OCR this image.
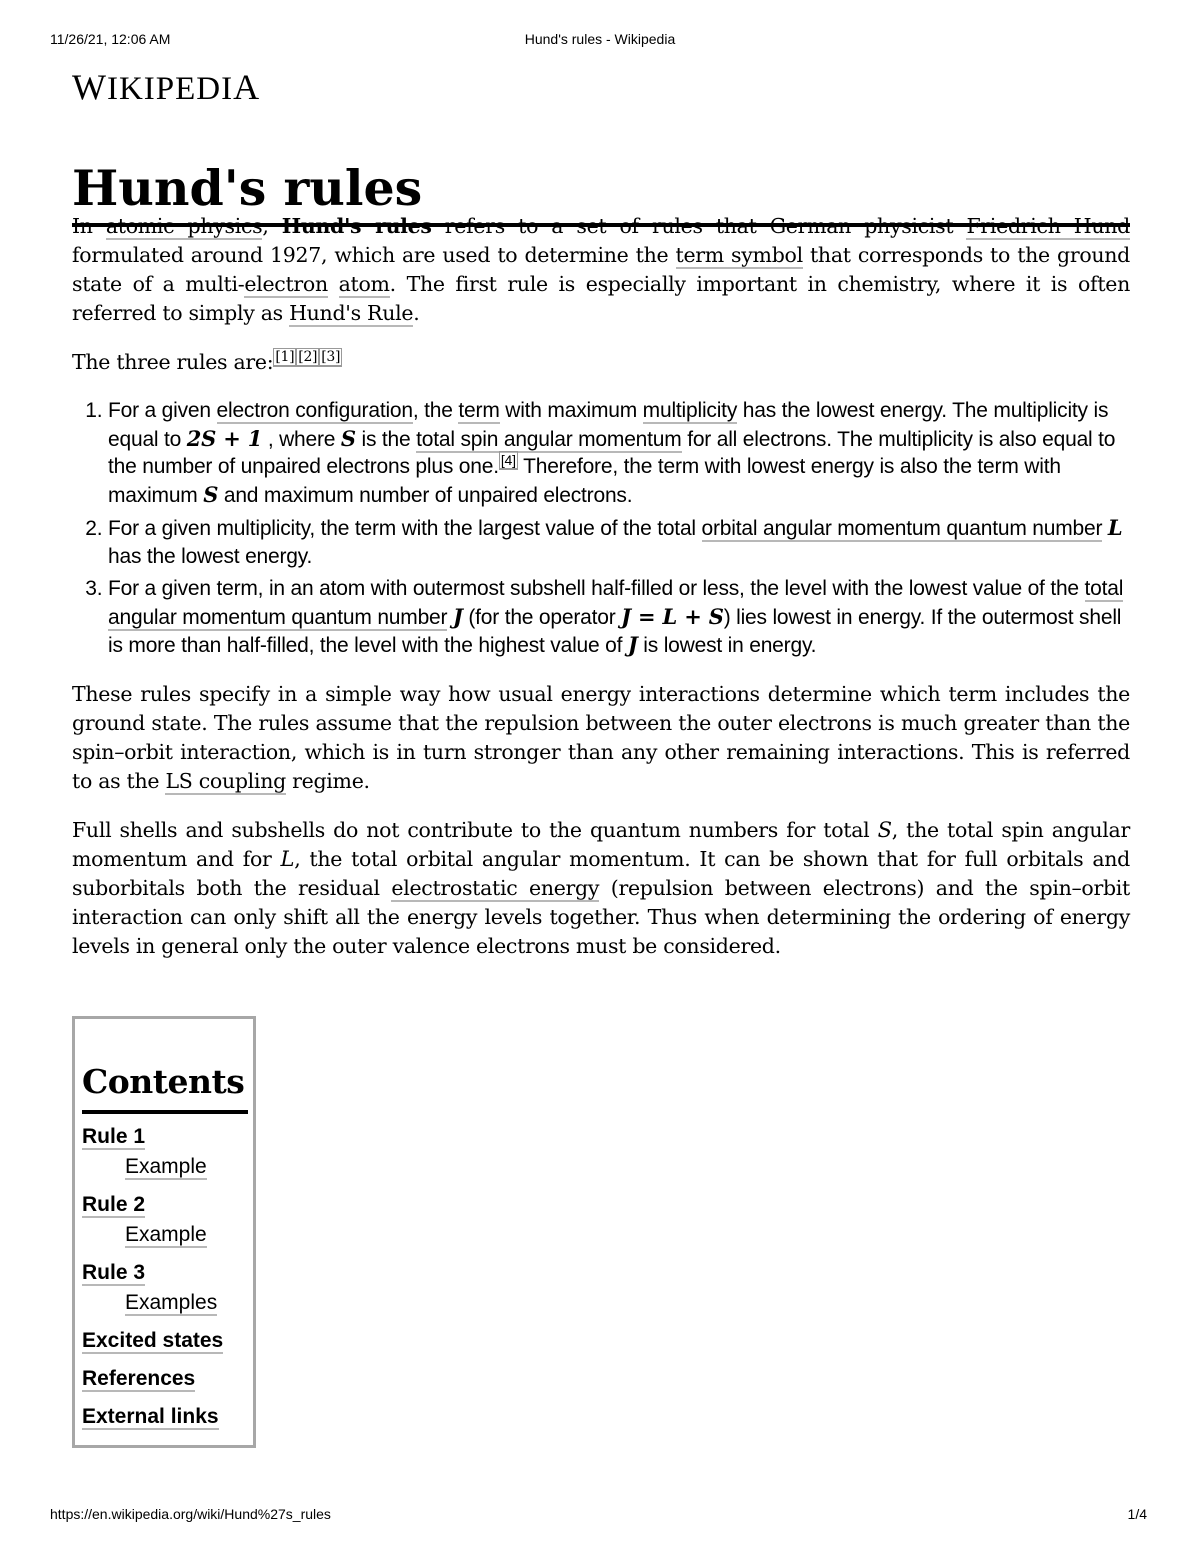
11/26/21, 12:06 AM	Hund's rules - Wikipedia
WIKIPEDIA
Hund's rules

In atomic physics, Hund's rules refers to a set of rules that German physicist Friedrich Hund formulated around 1927, which are used to determine the term symbol that corresponds to the ground state of a multi-electron atom. The first rule is especially important in chemistry, where it is often referred to simply as Hund's Rule.

The three rules are: [1] [2] [3]

1. For a given electron configuration, the term with maximum multiplicity has the lowest energy. The multiplicity is equal to 2S + 1 , where S is the total spin angular momentum for all electrons. The multiplicity is also equal to the number of unpaired electrons plus one. [4] Therefore, the term with lowest energy is also the term with maximum S and maximum number of unpaired electrons.
2. For a given multiplicity, the term with the largest value of the total orbital angular momentum quantum number L has the lowest energy.
3. For a given term, in an atom with outermost subshell half-filled or less, the level with the lowest value of the total angular momentum quantum number J (for the operator J = L + S) lies lowest in energy. If the outermost shell is more than half-filled, the level with the highest value of J is lowest in energy.

These rules specify in a simple way how usual energy interactions determine which term includes the ground state. The rules assume that the repulsion between the outer electrons is much greater than the spin–orbit interaction, which is in turn stronger than any other remaining interactions. This is referred to as the LS coupling regime.

Full shells and subshells do not contribute to the quantum numbers for total S, the total spin angular momentum and for L, the total orbital angular momentum. It can be shown that for full orbitals and suborbitals both the residual electrostatic energy (repulsion between electrons) and the spin–orbit interaction can only shift all the energy levels together. Thus when determining the ordering of energy levels in general only the outer valence electrons must be considered.

Contents
Rule 1
Example
Rule 2
Example
Rule 3
Examples
Excited states
References
External links
https://en.wikipedia.org/wiki/Hund%27s_rules	1/4
